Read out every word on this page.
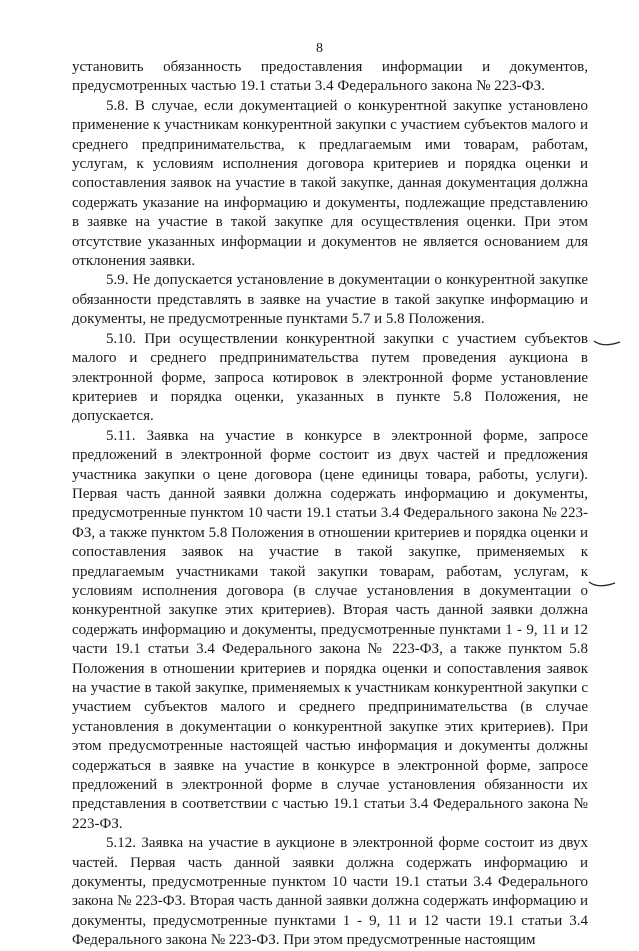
8

установить обязанность предоставления информации и документов, предусмотренных частью 19.1 статьи 3.4 Федерального закона № 223-ФЗ.

5.8. В случае, если документацией о конкурентной закупке установлено применение к участникам конкурентной закупки с участием субъектов малого и среднего предпринимательства, к предлагаемым ими товарам, работам, услугам, к условиям исполнения договора критериев и порядка оценки и сопоставления заявок на участие в такой закупке, данная документация должна содержать указание на информацию и документы, подлежащие представлению в заявке на участие в такой закупке для осуществления оценки. При этом отсутствие указанных информации и документов не является основанием для отклонения заявки.

5.9. Не допускается установление в документации о конкурентной закупке обязанности представлять в заявке на участие в такой закупке информацию и документы, не предусмотренные пунктами 5.7 и 5.8 Положения.

5.10. При осуществлении конкурентной закупки с участием субъектов малого и среднего предпринимательства путем проведения аукциона в электронной форме, запроса котировок в электронной форме установление критериев и порядка оценки, указанных в пункте 5.8 Положения, не допускается.

5.11. Заявка на участие в конкурсе в электронной форме, запросе предложений в электронной форме состоит из двух частей и предложения участника закупки о цене договора (цене единицы товара, работы, услуги). Первая часть данной заявки должна содержать информацию и документы, предусмотренные пунктом 10 части 19.1 статьи 3.4 Федерального закона № 223-ФЗ, а также пунктом 5.8 Положения в отношении критериев и порядка оценки и сопоставления заявок на участие в такой закупке, применяемых к предлагаемым участниками такой закупки товарам, работам, услугам, к условиям исполнения договора (в случае установления в документации о конкурентной закупке этих критериев). Вторая часть данной заявки должна содержать информацию и документы, предусмотренные пунктами 1 - 9, 11 и 12 части 19.1 статьи 3.4 Федерального закона № 223-ФЗ, а также пунктом 5.8 Положения в отношении критериев и порядка оценки и сопоставления заявок на участие в такой закупке, применяемых к участникам конкурентной закупки с участием субъектов малого и среднего предпринимательства (в случае установления в документации о конкурентной закупке этих критериев). При этом предусмотренные настоящей частью информация и документы должны содержаться в заявке на участие в конкурсе в электронной форме, запросе предложений в электронной форме в случае установления обязанности их представления в соответствии с частью 19.1 статьи 3.4 Федерального закона № 223-ФЗ.

5.12. Заявка на участие в аукционе в электронной форме состоит из двух частей. Первая часть данной заявки должна содержать информацию и документы, предусмотренные пунктом 10 части 19.1 статьи 3.4 Федерального закона № 223-ФЗ. Вторая часть данной заявки должна содержать информацию и документы, предусмотренные пунктами 1 - 9, 11 и 12 части 19.1 статьи 3.4 Федерального закона № 223-ФЗ. При этом предусмотренные настоящим
